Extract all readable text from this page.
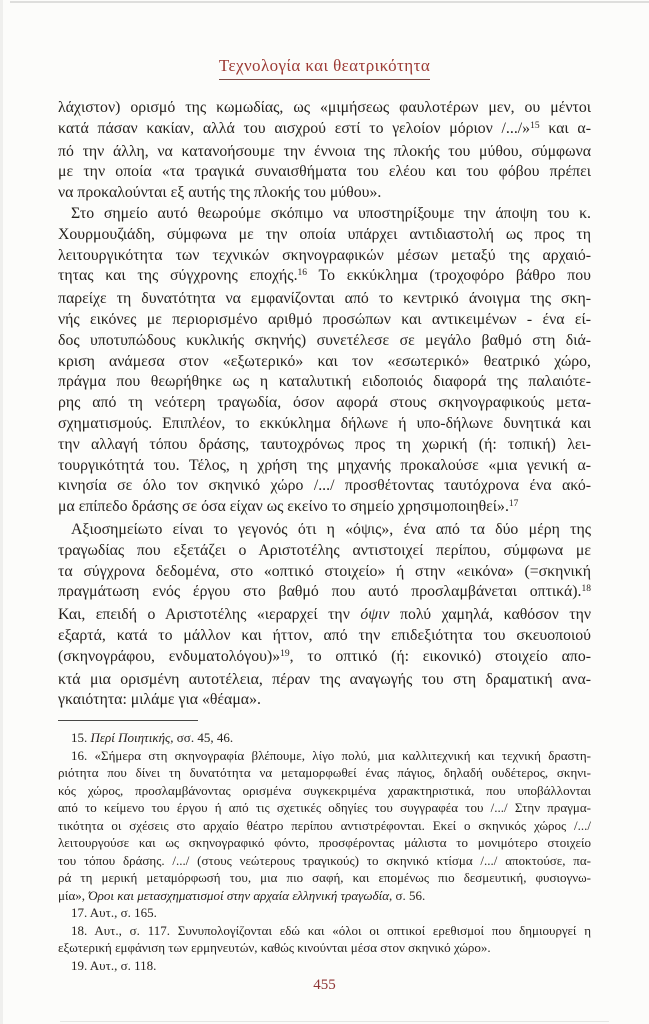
Τεχνολογία και θεατρικότητα
λάχιστον) ορισμό της κωμωδίας, ως «μιμήσεως φαυλοτέρων μεν, ου μέντοι
κατά πάσαν κακίαν, αλλά του αισχρού εστί το γελοίον μόριον /.../»$^{15}$ και α-
πό την άλλη, να κατανοήσουμε την έννοια της πλοκής του μύθου, σύμφωνα
με την οποία «τα τραγικά συναισθήματα του ελέου και του φόβου πρέπει
να προκαλούνται εξ αυτής της πλοκής του μύθου».
Στο σημείο αυτό θεωρούμε σκόπιμο να υποστηρίξουμε την άποψη του κ.
Χουρμουζιάδη, σύμφωνα με την οποία υπάρχει αντιδιαστολή ως προς τη
λειτουργικότητα των τεχνικών σκηνογραφικών μέσων μεταξύ της αρχαιό-
τητας και της σύγχρονης εποχής.$^{16}$ Το εκκύκλημα (τροχοφόρο βάθρο που
παρείχε τη δυνατότητα να εμφανίζονται από το κεντρικό άνοιγμα της σκη-
νής εικόνες με περιορισμένο αριθμό προσώπων και αντικειμένων - ένα εί-
δος υποτυπώδους κυκλικής σκηνής) συνετέλεσε σε μεγάλο βαθμό στη διά-
κριση ανάμεσα στον «εξωτερικό» και τον «εσωτερικό» θεατρικό χώρο,
πράγμα που θεωρήθηκε ως η καταλυτική ειδοποιός διαφορά της παλαιότε-
ρης από τη νεότερη τραγωδία, όσον αφορά στους σκηνογραφικούς μετα-
σχηματισμούς. Επιπλέον, το εκκύκλημα δήλωνε ή υπο-δήλωνε δυνητικά και
την αλλαγή τόπου δράσης, ταυτοχρόνως προς τη χωρική (ή: τοπική) λει-
τουργικότητά του. Τέλος, η χρήση της μηχανής προκαλούσε «μια γενική α-
κινησία σε όλο τον σκηνικό χώρο /.../ προσθέτοντας ταυτόχρονα ένα ακό-
μα επίπεδο δράσης σε όσα είχαν ως εκείνο το σημείο χρησιμοποιηθεί».$^{17}$
Αξιοσημείωτο είναι το γεγονός ότι η «όψις», ένα από τα δύο μέρη της
τραγωδίας που εξετάζει ο Αριστοτέλης αντιστοιχεί περίπου, σύμφωνα με
τα σύγχρονα δεδομένα, στο «οπτικό στοιχείο» ή στην «εικόνα» (=σκηνική
πραγμάτωση ενός έργου στο βαθμό που αυτό προσλαμβάνεται οπτικά).$^{18}$
Και, επειδή ο Αριστοτέλης «ιεραρχεί την όψιν πολύ χαμηλά, καθόσον την
εξαρτά, κατά το μάλλον και ήττον, από την επιδεξιότητα του σκευοποιού
(σκηνογράφου, ενδυματολόγου)»$^{19}$, το οπτικό (ή: εικονικό) στοιχείο απο-
κτά μια ορισμένη αυτοτέλεια, πέραν της αναγωγής του στη δραματική ανα-
γκαιότητα: μιλάμε για «θέαμα».
15. Περί Ποιητικής, σσ. 45, 46.
16. «Σήμερα στη σκηνογραφία βλέπουμε, λίγο πολύ, μια καλλιτεχνική και τεχνική δραστη-
ριότητα που δίνει τη δυνατότητα να μεταμορφωθεί ένας πάγιος, δηλαδή ουδέτερος, σκηνι-
κός χώρος, προσλαμβάνοντας ορισμένα συγκεκριμένα χαρακτηριστικά, που υποβάλλονται
από το κείμενο του έργου ή από τις σχετικές οδηγίες του συγγραφέα του /.../ Στην πραγμα-
τικότητα οι σχέσεις στο αρχαίο θέατρο περίπου αντιστρέφονται. Εκεί ο σκηνικός χώρος /.../
λειτουργούσε και ως σκηνογραφικό φόντο, προσφέροντας μάλιστα το μονιμότερο στοιχείο
του τόπου δράσης. /.../ (στους νεώτερους τραγικούς) το σκηνικό κτίσμα /.../ αποκτούσε, πα-
ρά τη μερική μεταμόρφωσή του, μια πιο σαφή, και επομένως πιο δεσμευτική, φυσιογνω-
μία», Όροι και μετασχηματισμοί στην αρχαία ελληνική τραγωδία, σ. 56.
17. Αυτ., σ. 165.
18. Αυτ., σ. 117. Συνυπολογίζονται εδώ και «όλοι οι οπτικοί ερεθισμοί που δημιουργεί η
εξωτερική εμφάνιση των ερμηνευτών, καθώς κινούνται μέσα στον σκηνικό χώρο».
19. Αυτ., σ. 118.
455
